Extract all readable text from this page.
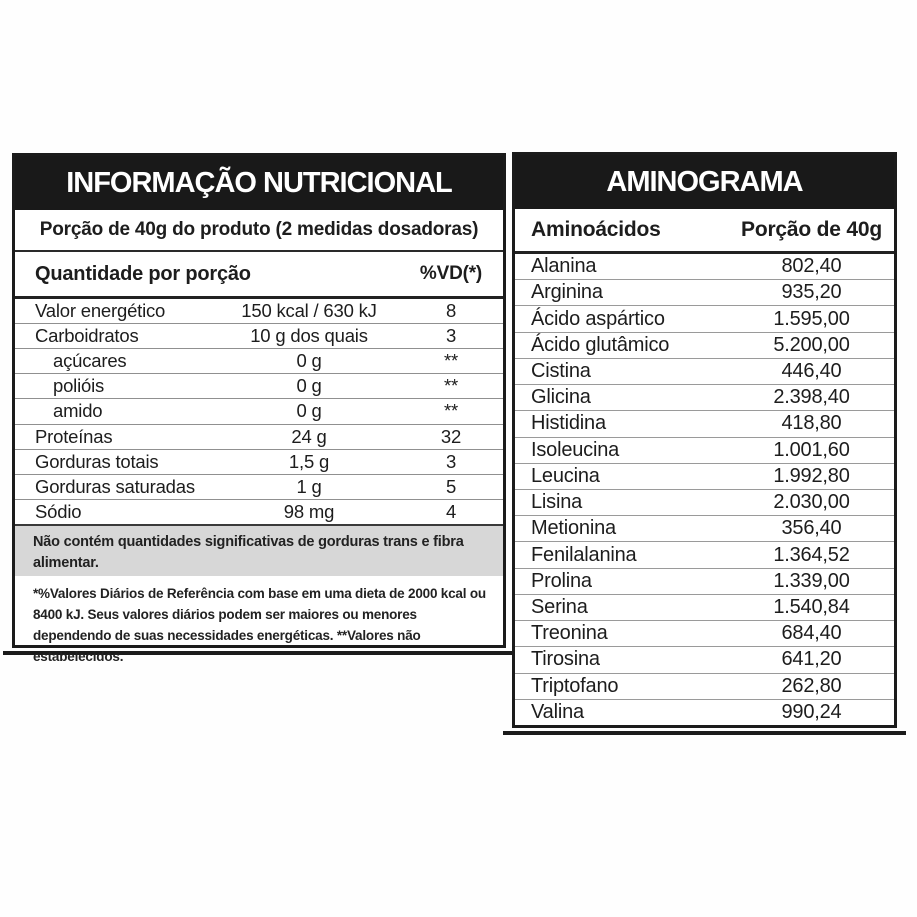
INFORMAÇÃO NUTRICIONAL
Porção de 40g do produto (2 medidas dosadoras)
Quantidade por porção	%VD(*)
Valor energético	150 kcal / 630 kJ	8
Carboidratos	10 g dos quais	3
açúcares	0 g	**
polióis	0 g	**
amido	0 g	**
Proteínas	24 g	32
Gorduras totais	1,5 g	3
Gorduras saturadas	1 g	5
Sódio	98 mg	4
Não contém quantidades significativas de gorduras trans e fibra alimentar.
*%Valores Diários de Referência com base em uma dieta de 2000 kcal ou 8400 kJ. Seus valores diários podem ser maiores ou menores dependendo de suas necessidades energéticas. **Valores não estabelecidos.
AMINOGRAMA
Aminoácidos	Porção de 40g
Alanina	802,40
Arginina	935,20
Ácido aspártico	1.595,00
Ácido glutâmico	5.200,00
Cistina	446,40
Glicina	2.398,40
Histidina	418,80
Isoleucina	1.001,60
Leucina	1.992,80
Lisina	2.030,00
Metionina	356,40
Fenilalanina	1.364,52
Prolina	1.339,00
Serina	1.540,84
Treonina	684,40
Tirosina	641,20
Triptofano	262,80
Valina	990,24
